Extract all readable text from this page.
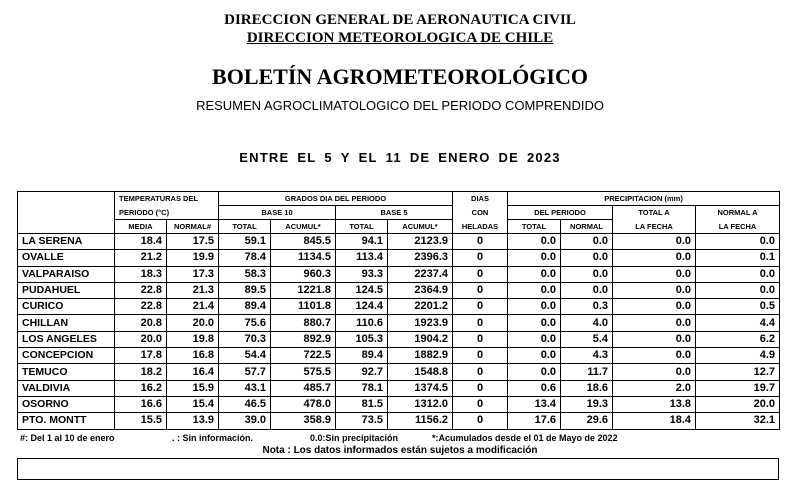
DIRECCION GENERAL DE AERONAUTICA CIVIL
DIRECCION METEOROLOGICA DE CHILE
BOLETÍN AGROMETEOROLÓGICO
RESUMEN AGROCLIMATOLOGICO DEL PERIODO COMPRENDIDO
ENTRE EL 5 Y EL 11 DE ENERO DE 2023
	TEMPERATURAS DEL		GRADOS DIA DEL PERIODO				DIAS	PRECIPITACION (mm)			
	PERIODO (°C)		BASE 10		BASE 5		CON	DEL PERIODO		TOTAL A	NORMAL A
	MEDIA	NORMAL#	TOTAL	ACUMUL*	TOTAL	ACUMUL*	HELADAS	TOTAL	NORMAL	LA FECHA	LA FECHA
LA SERENA	18.4	17.5	59.1	845.5	94.1	2123.9	0	0.0	0.0	0.0	0.0
OVALLE	21.2	19.9	78.4	1134.5	113.4	2396.3	0	0.0	0.0	0.0	0.1
VALPARAISO	18.3	17.3	58.3	960.3	93.3	2237.4	0	0.0	0.0	0.0	0.0
PUDAHUEL	22.8	21.3	89.5	1221.8	124.5	2364.9	0	0.0	0.0	0.0	0.0
CURICO	22.8	21.4	89.4	1101.8	124.4	2201.2	0	0.0	0.3	0.0	0.5
CHILLAN	20.8	20.0	75.6	880.7	110.6	1923.9	0	0.0	4.0	0.0	4.4
LOS ANGELES	20.0	19.8	70.3	892.9	105.3	1904.2	0	0.0	5.4	0.0	6.2
CONCEPCION	17.8	16.8	54.4	722.5	89.4	1882.9	0	0.0	4.3	0.0	4.9
TEMUCO	18.2	16.4	57.7	575.5	92.7	1548.8	0	0.0	11.7	0.0	12.7
VALDIVIA	16.2	15.9	43.1	485.7	78.1	1374.5	0	0.6	18.6	2.0	19.7
OSORNO	16.6	15.4	46.5	478.0	81.5	1312.0	0	13.4	19.3	13.8	20.0
PTO. MONTT	15.5	13.9	39.0	358.9	73.5	1156.2	0	17.6	29.6	18.4	32.1
#: Del 1 al 10 de enero	. : Sin información.	0.0:Sin precipitación	*:Acumulados desde el 01 de Mayo de 2022
Nota : Los datos informados están sujetos a modificación
